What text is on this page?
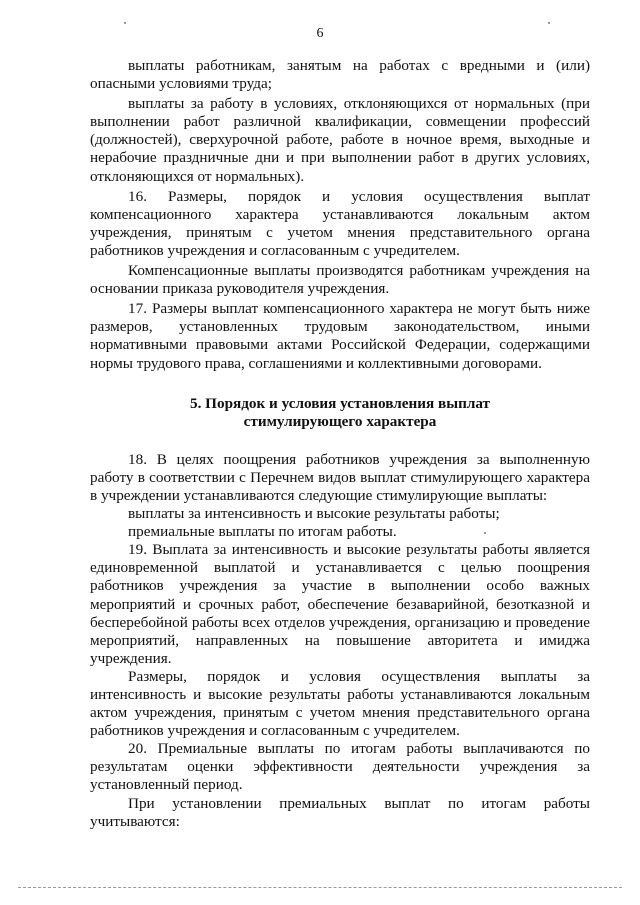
6

выплаты работникам, занятым на работах с вредными и (или) опасными условиями труда;

выплаты за работу в условиях, отклоняющихся от нормальных (при выполнении работ различной квалификации, совмещении профессий (должностей), сверхурочной работе, работе в ночное время, выходные и нерабочие праздничные дни и при выполнении работ в других условиях, отклоняющихся от нормальных).

16. Размеры, порядок и условия осуществления выплат компенсационного характера устанавливаются локальным актом учреждения, принятым с учетом мнения представительного органа работников учреждения и согласованным с учредителем.

Компенсационные выплаты производятся работникам учреждения на основании приказа руководителя учреждения.

17. Размеры выплат компенсационного характера не могут быть ниже размеров, установленных трудовым законодательством, иными нормативными правовыми актами Российской Федерации, содержащими нормы трудового права, соглашениями и коллективными договорами.

5. Порядок и условия установления выплат
стимулирующего характера

18. В целях поощрения работников учреждения за выполненную работу в соответствии с Перечнем видов выплат стимулирующего характера в учреждении устанавливаются следующие стимулирующие выплаты:

выплаты за интенсивность и высокие результаты работы;

премиальные выплаты по итогам работы.

19. Выплата за интенсивность и высокие результаты работы является единовременной выплатой и устанавливается с целью поощрения работников учреждения за участие в выполнении особо важных мероприятий и срочных работ, обеспечение безаварийной, безотказной и бесперебойной работы всех отделов учреждения, организацию и проведение мероприятий, направленных на повышение авторитета и имиджа учреждения.

Размеры, порядок и условия осуществления выплаты за интенсивность и высокие результаты работы устанавливаются локальным актом учреждения, принятым с учетом мнения представительного органа работников учреждения и согласованным с учредителем.

20. Премиальные выплаты по итогам работы выплачиваются по результатам оценки эффективности деятельности учреждения за установленный период.

При установлении премиальных выплат по итогам работы учитываются:
